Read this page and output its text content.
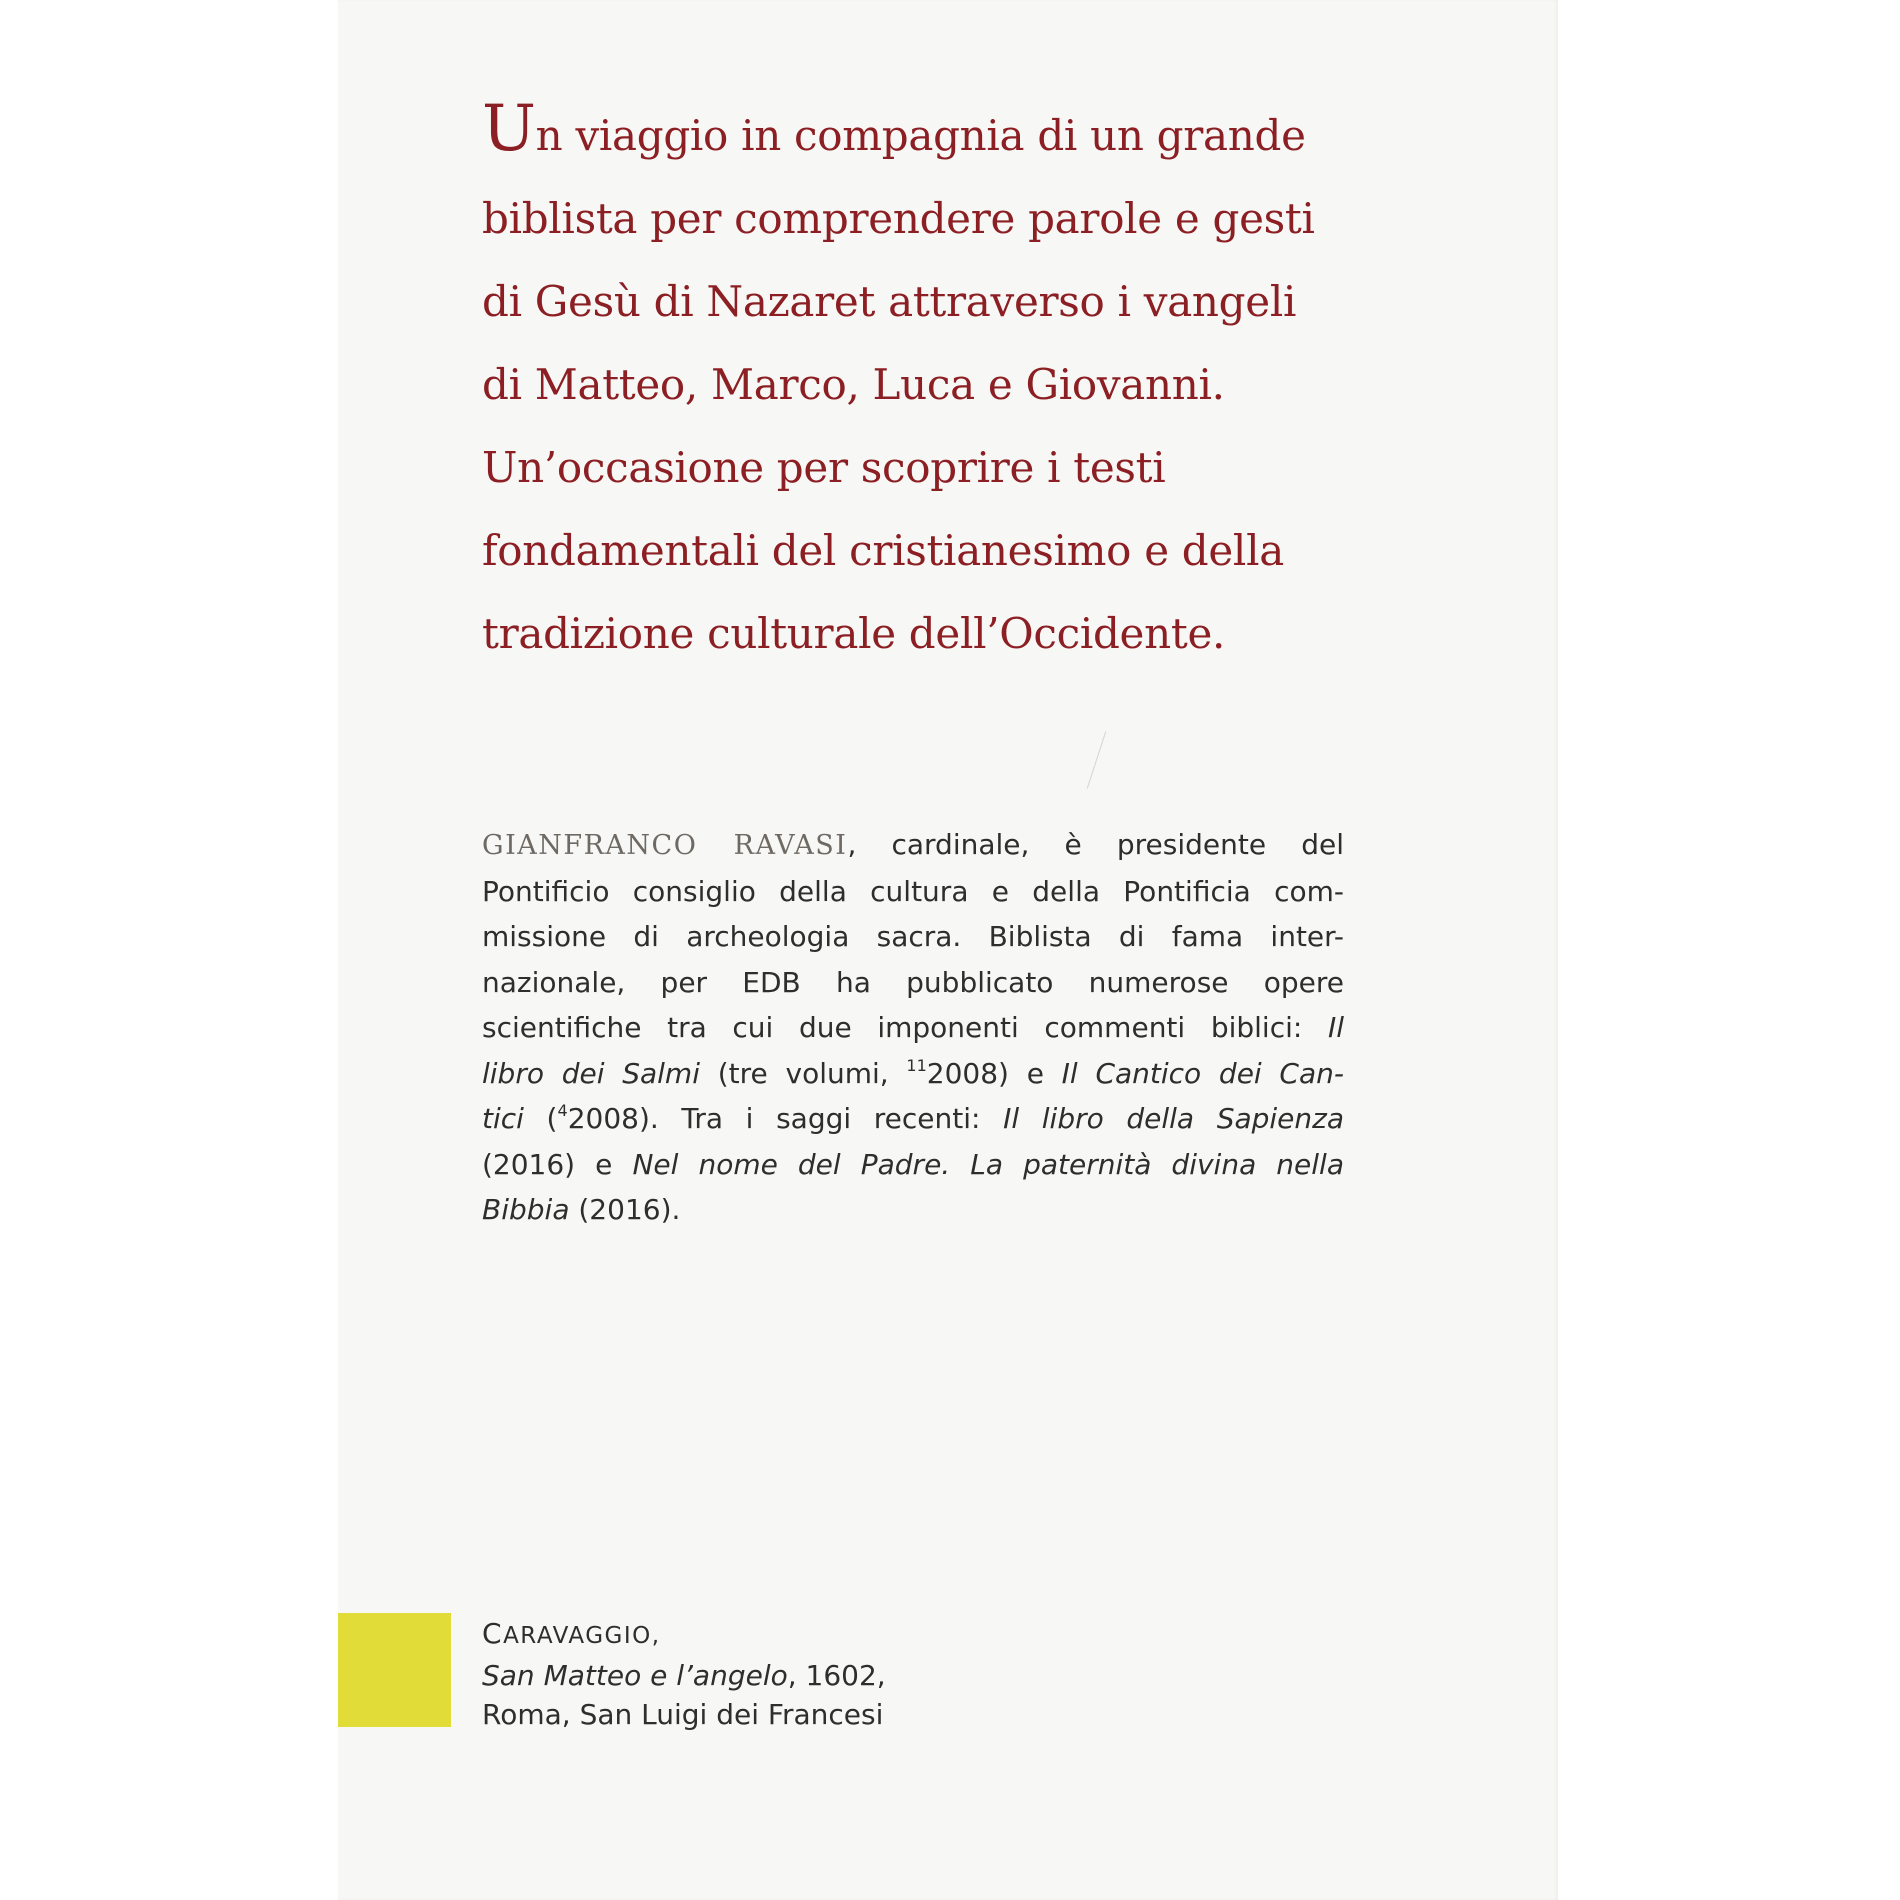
Un viaggio in compagnia di un grande
biblista per comprendere parole e gesti
di Gesù di Nazaret attraverso i vangeli
di Matteo, Marco, Luca e Giovanni.
Un’occasione per scoprire i testi
fondamentali del cristianesimo e della
tradizione culturale dell’Occidente.

GIANFRANCO RAVASI, cardinale, è presidente del
Pontificio consiglio della cultura e della Pontificia com-
missione di archeologia sacra. Biblista di fama inter-
nazionale, per EDB ha pubblicato numerose opere
scientifiche tra cui due imponenti commenti biblici: Il
libro dei Salmi (tre volumi, $^{11}$2008) e Il Cantico dei Can-
tici ($^4$2008). Tra i saggi recenti: Il libro della Sapienza
(2016) e Nel nome del Padre. La paternità divina nella
Bibbia (2016).

CARAVAGGIO,
San Matteo e l’angelo, 1602,
Roma, San Luigi dei Francesi
